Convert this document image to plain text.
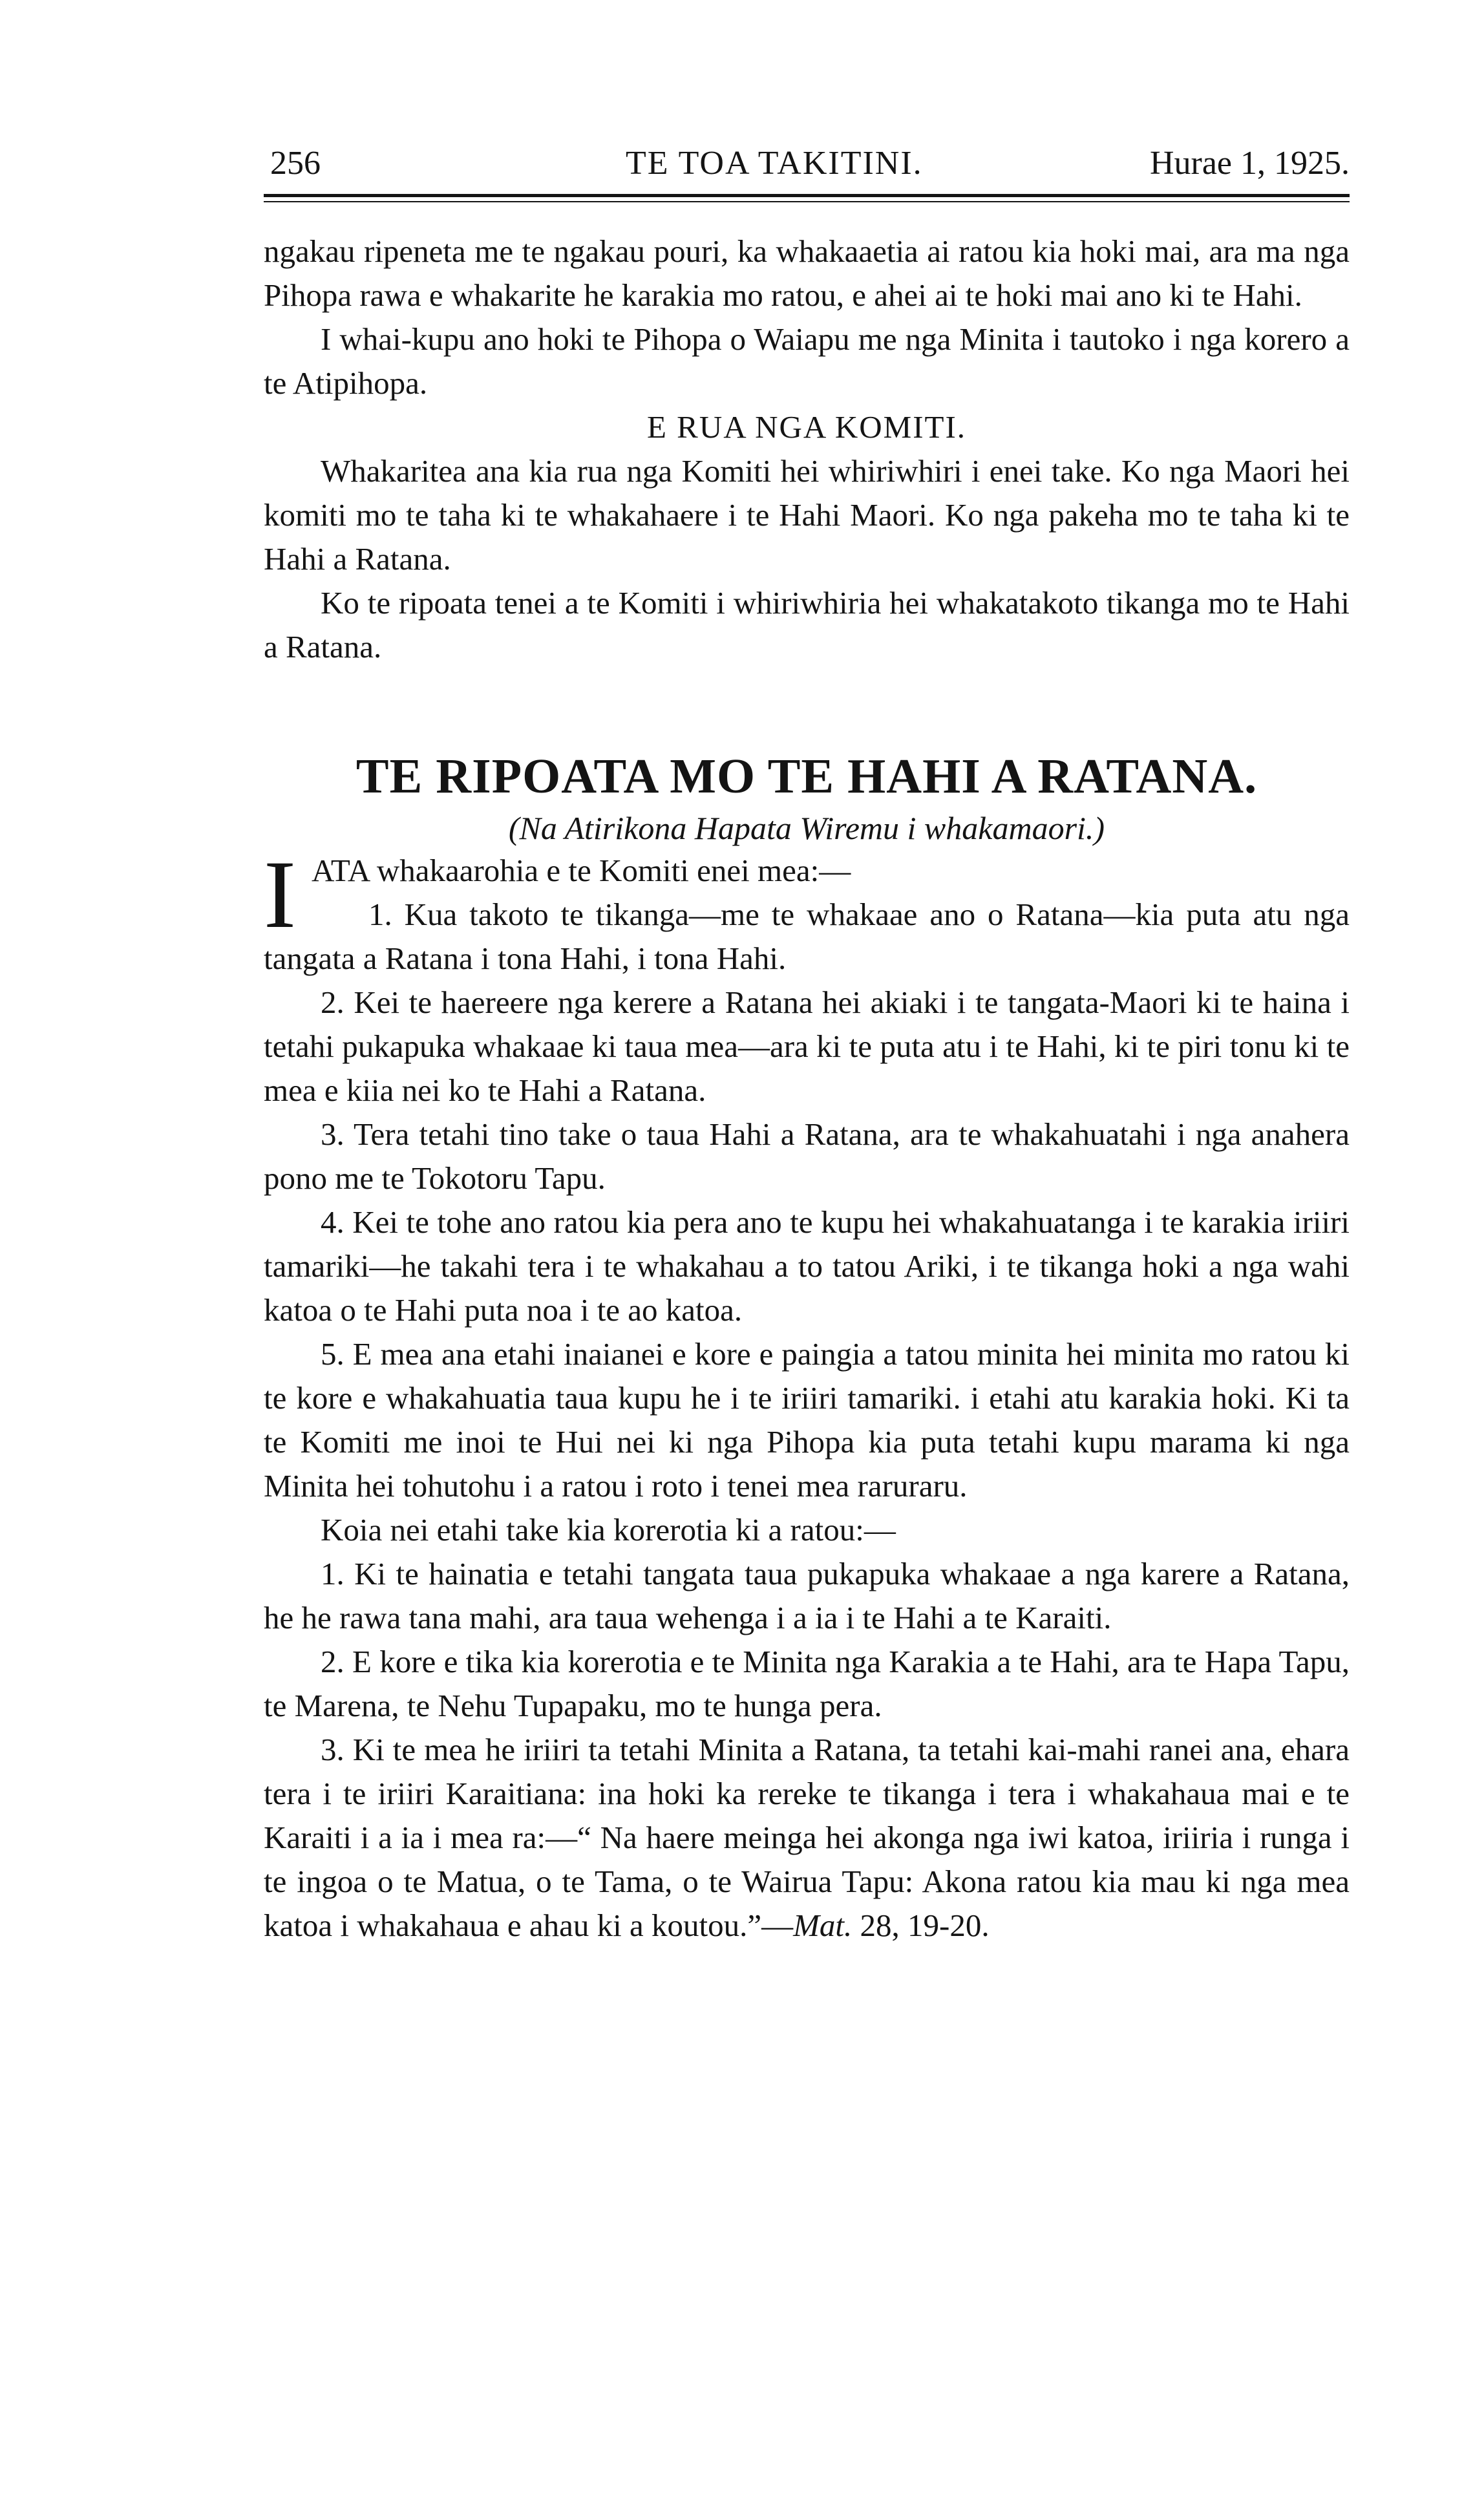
256	TE TOA TAKITINI.	Hurae 1, 1925.

ngakau ripeneta me te ngakau pouri, ka whakaaetia ai ratou kia hoki mai, ara ma nga Pihopa rawa e whakarite he karakia mo ratou, e ahei ai te hoki mai ano ki te Hahi.

I whai-kupu ano hoki te Pihopa o Waiapu me nga Minita i tautoko i nga korero a te Atipihopa.

E RUA NGA KOMITI.

Whakaritea ana kia rua nga Komiti hei whiriwhiri i enei take. Ko nga Maori hei komiti mo te taha ki te whakahaere i te Hahi Maori. Ko nga pakeha mo te taha ki te Hahi a Ratana.

Ko te ripoata tenei a te Komiti i whiriwhiria hei whakatakoto tikanga mo te Hahi a Ratana.

TE RIPOATA MO TE HAHI A RATANA.

(Na Atirikona Hapata Wiremu i whakamaori.)

I ATA whakaarohia e te Komiti enei mea:—

1. Kua takoto te tikanga—me te whakaae ano o Ratana—kia puta atu nga tangata a Ratana i tona Hahi, i tona Hahi.

2. Kei te haereere nga kerere a Ratana hei akiaki i te tangata-Maori ki te haina i tetahi pukapuka whakaae ki taua mea—ara ki te puta atu i te Hahi, ki te piri tonu ki te mea e kiia nei ko te Hahi a Ratana.

3. Tera tetahi tino take o taua Hahi a Ratana, ara te whakahuatahi i nga anahera pono me te Tokotoru Tapu.

4. Kei te tohe ano ratou kia pera ano te kupu hei whakahuatanga i te karakia iriiri tamariki—he takahi tera i te whakahau a to tatou Ariki, i te tikanga hoki a nga wahi katoa o te Hahi puta noa i te ao katoa.

5. E mea ana etahi inaianei e kore e paingia a tatou minita hei minita mo ratou ki te kore e whakahuatia taua kupu he i te iriiri tamariki. i etahi atu karakia hoki. Ki ta te Komiti me inoi te Hui nei ki nga Pihopa kia puta tetahi kupu marama ki nga Minita hei tohutohu i a ratou i roto i tenei mea raruraru.

Koia nei etahi take kia korerotia ki a ratou:—

1. Ki te hainatia e tetahi tangata taua pukapuka whakaae a nga karere a Ratana, he he rawa tana mahi, ara taua wehenga i a ia i te Hahi a te Karaiti.

2. E kore e tika kia korerotia e te Minita nga Karakia a te Hahi, ara te Hapa Tapu, te Marena, te Nehu Tupapaku, mo te hunga pera.

3. Ki te mea he iriiri ta tetahi Minita a Ratana, ta tetahi kai-mahi ranei ana, ehara tera i te iriiri Karaitiana: ina hoki ka rereke te tikanga i tera i whakahaua mai e te Karaiti i a ia i mea ra:—“ Na haere meinga hei akonga nga iwi katoa, iriiria i runga i te ingoa o te Matua, o te Tama, o te Wairua Tapu: Akona ratou kia mau ki nga mea katoa i whakahaua e ahau ki a koutou.”—Mat. 28, 19-20.
